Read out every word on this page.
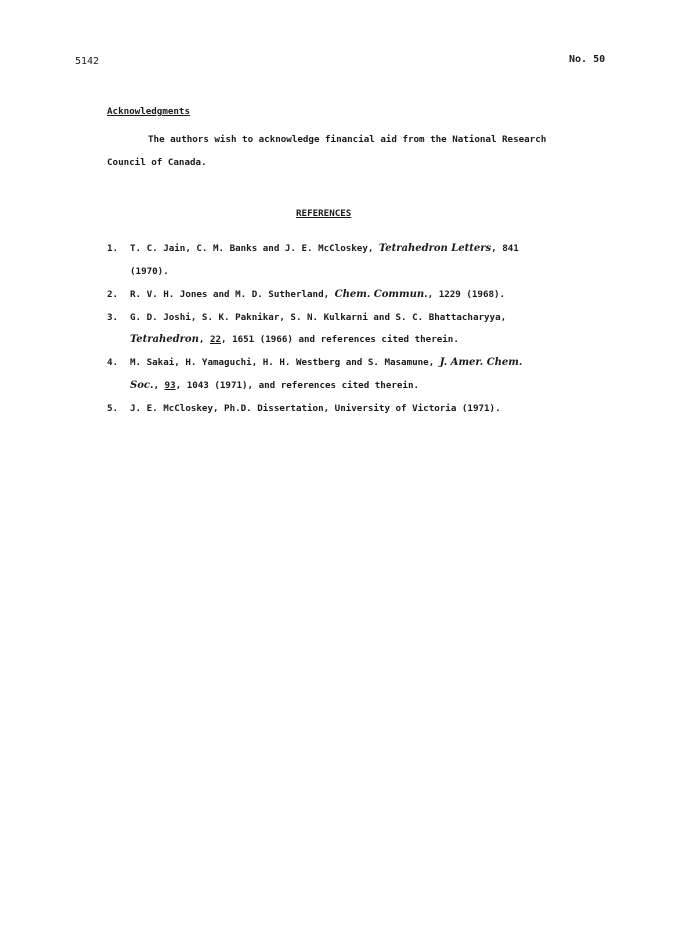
5142	No. 50
Acknowledgments
The authors wish to acknowledge financial aid from the National Research
Council of Canada.
REFERENCES
1. T. C. Jain, C. M. Banks and J. E. McCloskey, Tetrahedron Letters, 841
(1970).
2. R. V. H. Jones and M. D. Sutherland, Chem. Commun., 1229 (1968).
3. G. D. Joshi, S. K. Paknikar, S. N. Kulkarni and S. C. Bhattacharyya,
Tetrahedron, 22, 1651 (1966) and references cited therein.
4. M. Sakai, H. Yamaguchi, H. H. Westberg and S. Masamune, J. Amer. Chem.
Soc., 93, 1043 (1971), and references cited therein.
5. J. E. McCloskey, Ph.D. Dissertation, University of Victoria (1971).
